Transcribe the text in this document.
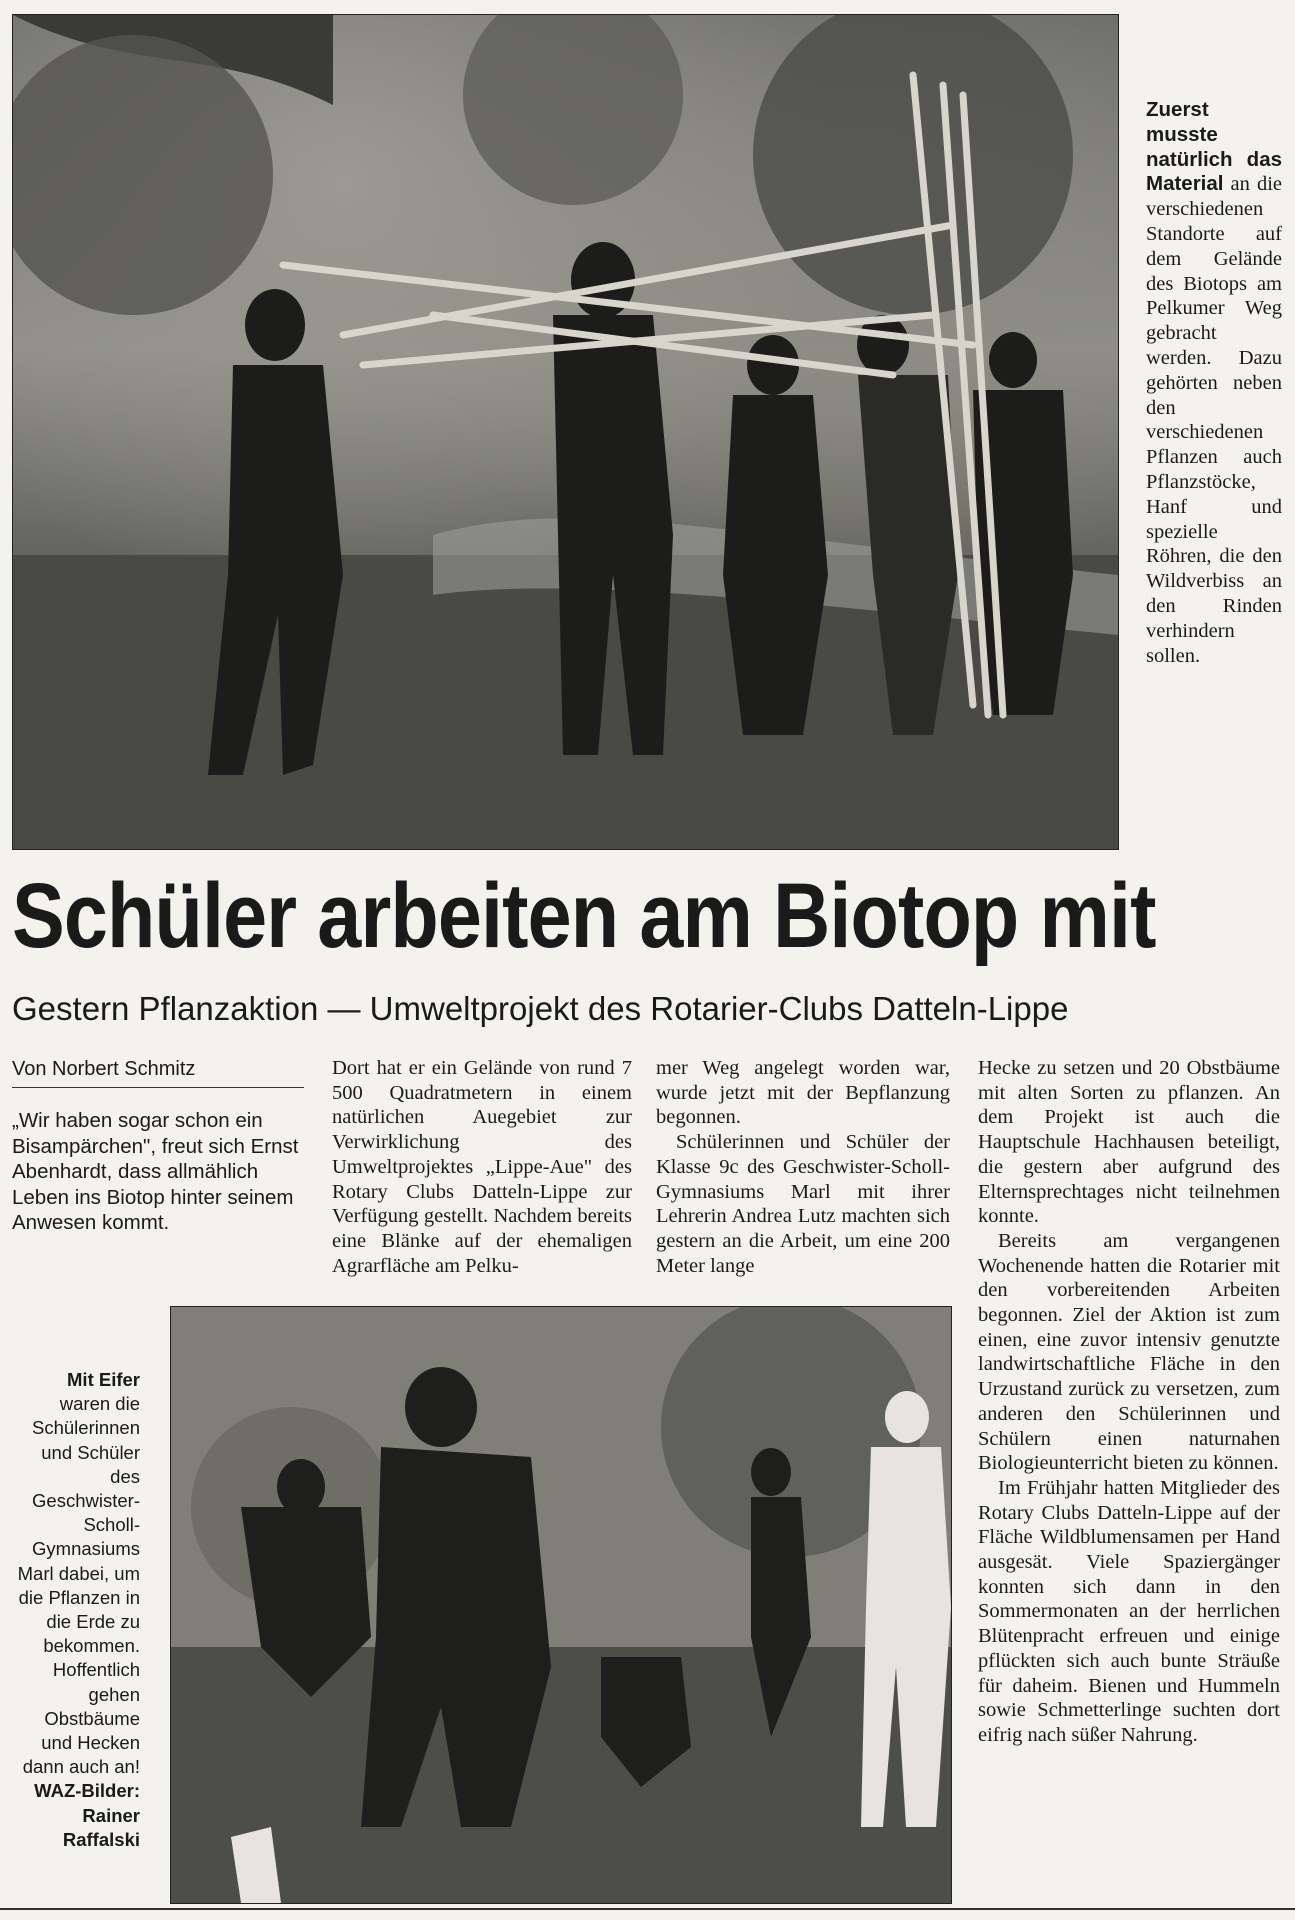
Zuerst musste natürlich das Material an die verschiedenen Standorte auf dem Gelände des Biotops am Pelkumer Weg gebracht werden. Dazu gehörten neben den verschiedenen Pflanzen auch Pflanzstöcke, Hanf und spezielle Röhren, die den Wildverbiss an den Rinden verhindern sollen.
Schüler arbeiten am Biotop mit
Gestern Pflanzaktion — Umweltprojekt des Rotarier-Clubs Datteln-Lippe
Von Norbert Schmitz
„Wir haben sogar schon ein Bisampärchen", freut sich Ernst Abenhardt, dass allmählich Leben ins Biotop hinter seinem Anwesen kommt.

Dort hat er ein Gelände von rund 7 500 Quadratmetern in einem natürlichen Auegebiet zur Verwirklichung des Umweltprojektes „Lippe-Aue" des Rotary Clubs Datteln-Lippe zur Verfügung gestellt. Nachdem bereits eine Blänke auf der ehemaligen Agrarfläche am Pelku-

mer Weg angelegt worden war, wurde jetzt mit der Bepflanzung begonnen.

Schülerinnen und Schüler der Klasse 9c des Geschwister-Scholl-Gymnasiums Marl mit ihrer Lehrerin Andrea Lutz machten sich gestern an die Arbeit, um eine 200 Meter lange

Hecke zu setzen und 20 Obstbäume mit alten Sorten zu pflanzen. An dem Projekt ist auch die Hauptschule Hachhausen beteiligt, die gestern aber aufgrund des Elternsprechtages nicht teilnehmen konnte.

Bereits am vergangenen Wochenende hatten die Rotarier mit den vorbereitenden Arbeiten begonnen. Ziel der Aktion ist zum einen, eine zuvor intensiv genutzte landwirtschaftliche Fläche in den Urzustand zurück zu versetzen, zum anderen den Schülerinnen und Schülern einen naturnahen Biologieunterricht bieten zu können.

Im Frühjahr hatten Mitglieder des Rotary Clubs Datteln-Lippe auf der Fläche Wildblumensamen per Hand ausgesät. Viele Spaziergänger konnten sich dann in den Sommermonaten an der herrlichen Blütenpracht erfreuen und einige pflückten sich auch bunte Sträuße für daheim. Bienen und Hummeln sowie Schmetterlinge suchten dort eifrig nach süßer Nahrung.

Mit Eifer waren die Schülerinnen und Schüler des Geschwister-Scholl-Gymnasiums Marl dabei, um die Pflanzen in die Erde zu bekommen. Hoffentlich gehen Obstbäume und Hecken dann auch an!
WAZ-Bilder: Rainer Raffalski
